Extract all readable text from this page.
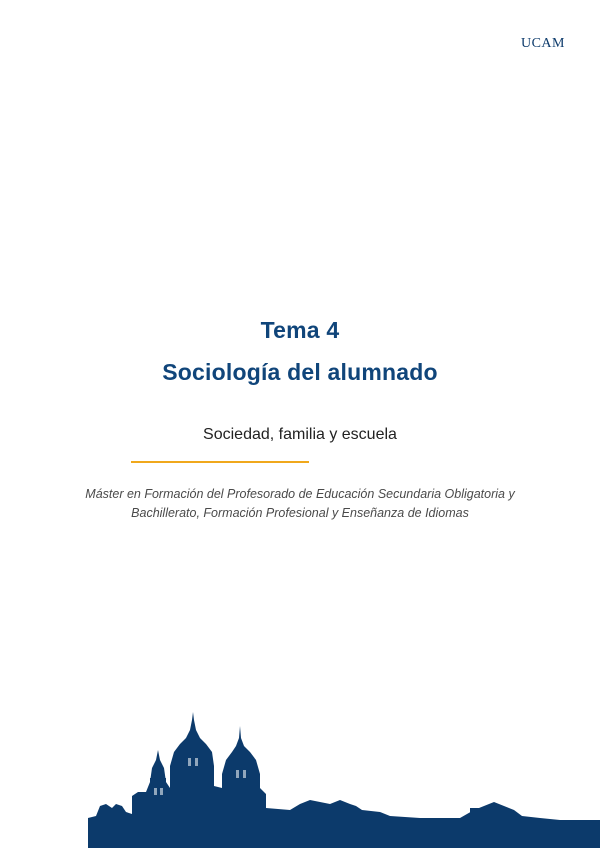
UCAM

Tema 4

Sociología del alumnado

Sociedad, familia y escuela

Máster en Formación del Profesorado de Educación Secundaria Obligatoria y Bachillerato, Formación Profesional y Enseñanza de Idiomas
